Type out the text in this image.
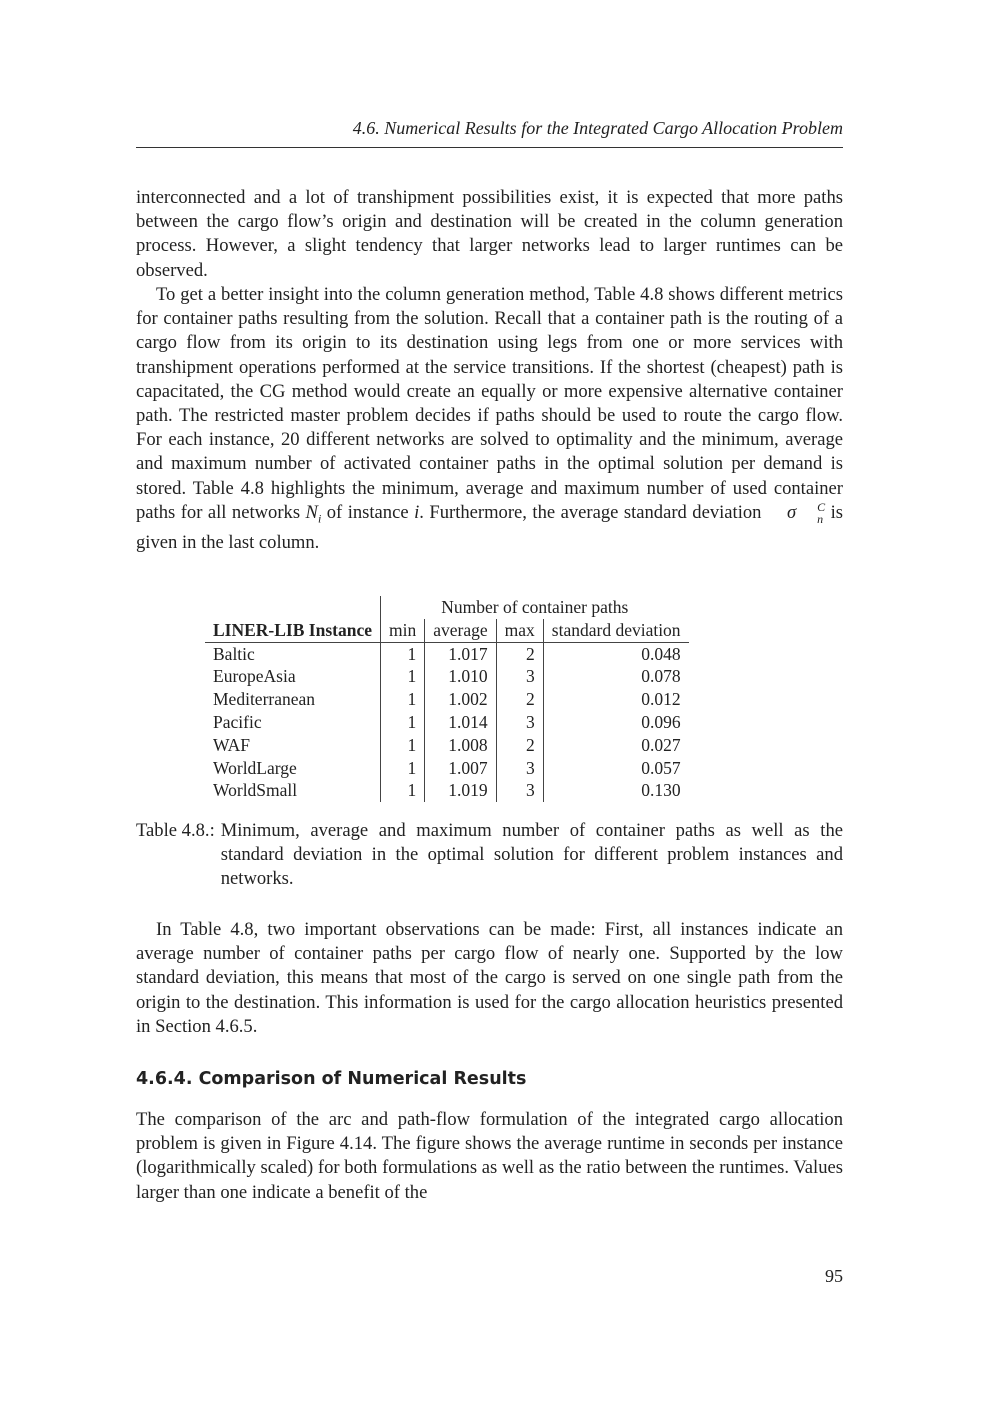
4.6. Numerical Results for the Integrated Cargo Allocation Problem

interconnected and a lot of transhipment possibilities exist, it is expected that more paths between the cargo flow’s origin and destination will be created in the column generation process. However, a slight tendency that larger networks lead to larger runtimes can be observed.

To get a better insight into the column generation method, Table 4.8 shows different metrics for container paths resulting from the solution. Recall that a container path is the routing of a cargo flow from its origin to its destination using legs from one or more services with transhipment operations performed at the service transitions. If the shortest (cheapest) path is capacitated, the CG method would create an equally or more expensive alternative container path. The restricted master problem decides if paths should be used to route the cargo flow. For each instance, 20 different networks are solved to optimality and the minimum, average and maximum number of activated container paths in the optimal solution per demand is stored. Table 4.8 highlights the minimum, average and maximum number of used container paths for all networks $N_i$ of instance i. Furthermore, the average standard deviation	σ	C
n is given in the last column.

	Number of container paths			
LINER-LIB Instance	min	average	max	standard deviation
Baltic	1	1.017	2	0.048
EuropeAsia	1	1.010	3	0.078
Mediterranean	1	1.002	2	0.012
Pacific	1	1.014	3	0.096
WAF	1	1.008	2	0.027
WorldLarge	1	1.007	3	0.057
WorldSmall	1	1.019	3	0.130
Table 4.8.: Minimum, average and maximum number of container paths as well as the standard deviation in the optimal solution for different problem instances and networks.

In Table 4.8, two important observations can be made: First, all instances indicate an average number of container paths per cargo flow of nearly one. Supported by the low standard deviation, this means that most of the cargo is served on one single path from the origin to the destination. This information is used for the cargo allocation heuristics presented in Section 4.6.5.

4.6.4. Comparison of Numerical Results

The comparison of the arc and path-flow formulation of the integrated cargo allocation problem is given in Figure 4.14. The figure shows the average runtime in seconds per instance (logarithmically scaled) for both formulations as well as the ratio between the runtimes. Values larger than one indicate a benefit of the

95
